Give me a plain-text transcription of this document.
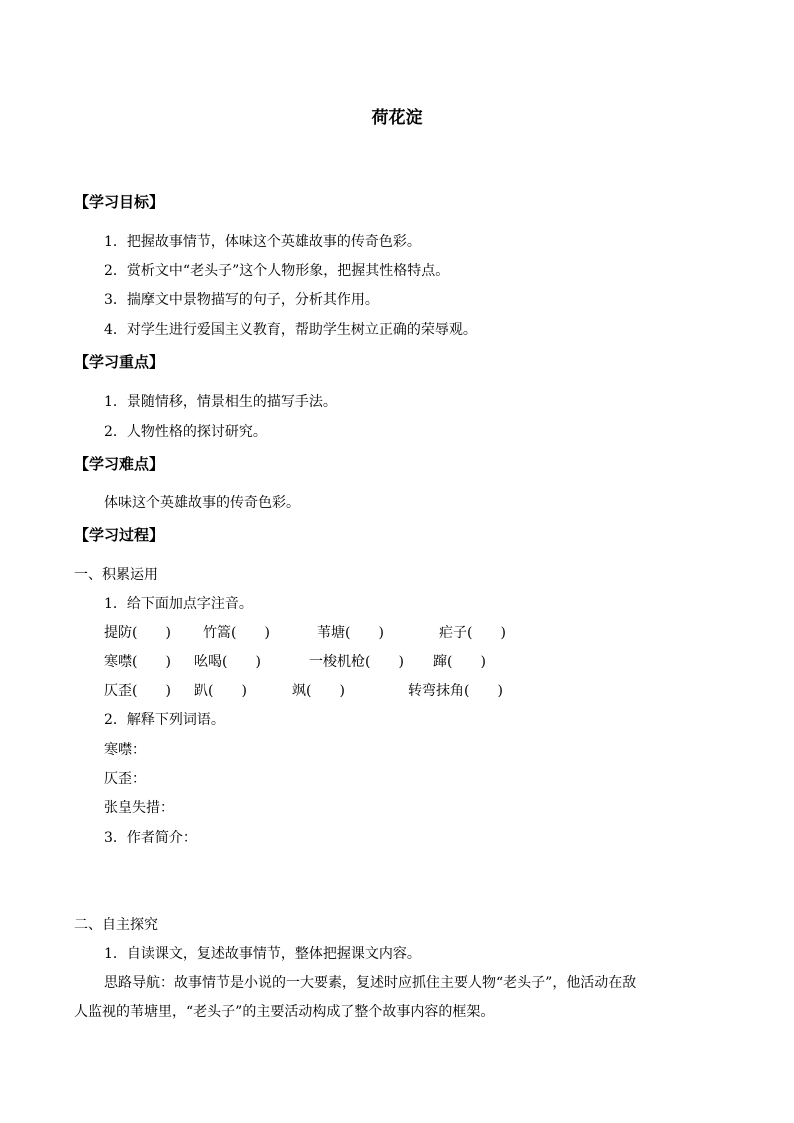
荷花淀
【学习目标】
1．把握故事情节，体味这个英雄故事的传奇色彩。
2．赏析文中“老头子”这个人物形象，把握其性格特点。
3．揣摩文中景物描写的句子，分析其作用。
4．对学生进行爱国主义教育，帮助学生树立正确的荣辱观。
【学习重点】
1．景随情移，情景相生的描写手法。
2．人物性格的探讨研究。
【学习难点】
体味这个英雄故事的传奇色彩。
【学习过程】
一、积累运用
1．给下面加点字注音。
提防(　　) 竹篙(　　)	苇塘(　　)	疟子(　　)
寒噤(　　) 吆喝(　　)	一梭机枪(　　) 蹿(　　)
仄歪(　　) 趴(　　)	飒(　　)	转弯抹角(　　)
2．解释下列词语。
寒噤：
仄歪：
张皇失措：
3．作者简介：
二、自主探究
1．自读课文，复述故事情节，整体把握课文内容。
思路导航：故事情节是小说的一大要素，复述时应抓住主要人物“老头子”，他活动在敌
人监视的苇塘里，“老头子”的主要活动构成了整个故事内容的框架。
